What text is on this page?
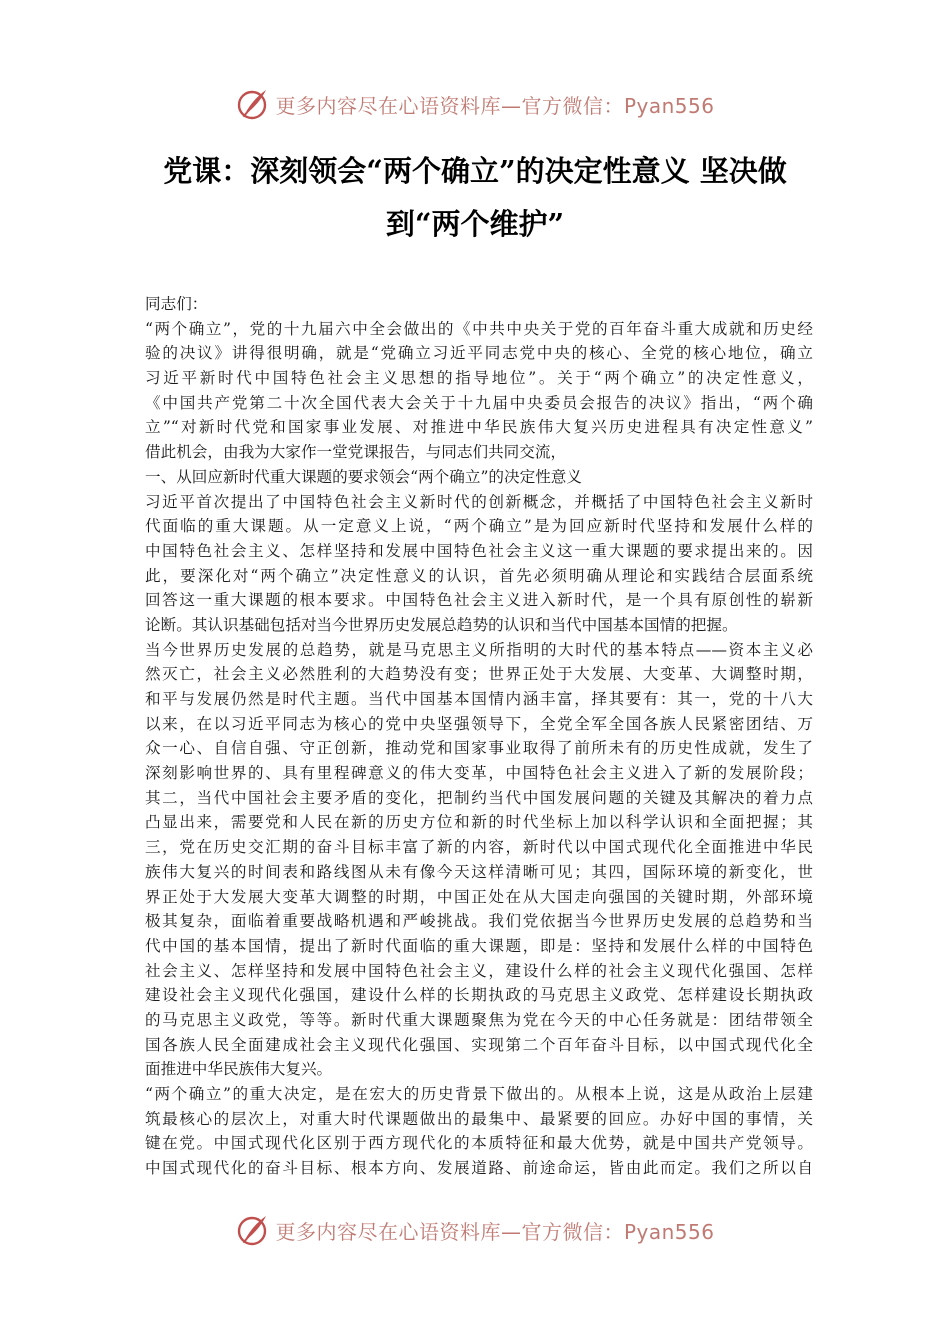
更多内容尽在心语资料库—官方微信：Pyan556
党课：深刻领会“两个确立”的决定性意义 坚决做
到“两个维护”
同志们：
“两个确立”，党的十九届六中全会做出的《中共中央关于党的百年奋斗重大成就和历史经
验的决议》讲得很明确，就是“党确立习近平同志党中央的核心、全党的核心地位，确立
习近平新时代中国特色社会主义思想的指导地位”。关于“两个确立”的决定性意义，
《中国共产党第二十次全国代表大会关于十九届中央委员会报告的决议》指出，“两个确
立”“对新时代党和国家事业发展、对推进中华民族伟大复兴历史进程具有决定性意义”
借此机会，由我为大家作一堂党课报告，与同志们共同交流，
一、从回应新时代重大课题的要求领会“两个确立”的决定性意义
习近平首次提出了中国特色社会主义新时代的创新概念，并概括了中国特色社会主义新时
代面临的重大课题。从一定意义上说，“两个确立”是为回应新时代坚持和发展什么样的
中国特色社会主义、怎样坚持和发展中国特色社会主义这一重大课题的要求提出来的。因
此，要深化对“两个确立”决定性意义的认识，首先必须明确从理论和实践结合层面系统
回答这一重大课题的根本要求。中国特色社会主义进入新时代，是一个具有原创性的崭新
论断。其认识基础包括对当今世界历史发展总趋势的认识和当代中国基本国情的把握。
当今世界历史发展的总趋势，就是马克思主义所指明的大时代的基本特点——资本主义必
然灭亡，社会主义必然胜利的大趋势没有变；世界正处于大发展、大变革、大调整时期，
和平与发展仍然是时代主题。当代中国基本国情内涵丰富，择其要有：其一，党的十八大
以来，在以习近平同志为核心的党中央坚强领导下，全党全军全国各族人民紧密团结、万
众一心、自信自强、守正创新，推动党和国家事业取得了前所未有的历史性成就，发生了
深刻影响世界的、具有里程碑意义的伟大变革，中国特色社会主义进入了新的发展阶段；
其二，当代中国社会主要矛盾的变化，把制约当代中国发展问题的关键及其解决的着力点
凸显出来，需要党和人民在新的历史方位和新的时代坐标上加以科学认识和全面把握；其
三，党在历史交汇期的奋斗目标丰富了新的内容，新时代以中国式现代化全面推进中华民
族伟大复兴的时间表和路线图从未有像今天这样清晰可见；其四，国际环境的新变化，世
界正处于大发展大变革大调整的时期，中国正处在从大国走向强国的关键时期，外部环境
极其复杂，面临着重要战略机遇和严峻挑战。我们党依据当今世界历史发展的总趋势和当
代中国的基本国情，提出了新时代面临的重大课题，即是：坚持和发展什么样的中国特色
社会主义、怎样坚持和发展中国特色社会主义，建设什么样的社会主义现代化强国、怎样
建设社会主义现代化强国，建设什么样的长期执政的马克思主义政党、怎样建设长期执政
的马克思主义政党，等等。新时代重大课题聚焦为党在今天的中心任务就是：团结带领全
国各族人民全面建成社会主义现代化强国、实现第二个百年奋斗目标，以中国式现代化全
面推进中华民族伟大复兴。
“两个确立”的重大决定，是在宏大的历史背景下做出的。从根本上说，这是从政治上层建
筑最核心的层次上，对重大时代课题做出的最集中、最紧要的回应。办好中国的事情，关
键在党。中国式现代化区别于西方现代化的本质特征和最大优势，就是中国共产党领导。
中国式现代化的奋斗目标、根本方向、发展道路、前途命运，皆由此而定。我们之所以自
更多内容尽在心语资料库—官方微信：Pyan556
